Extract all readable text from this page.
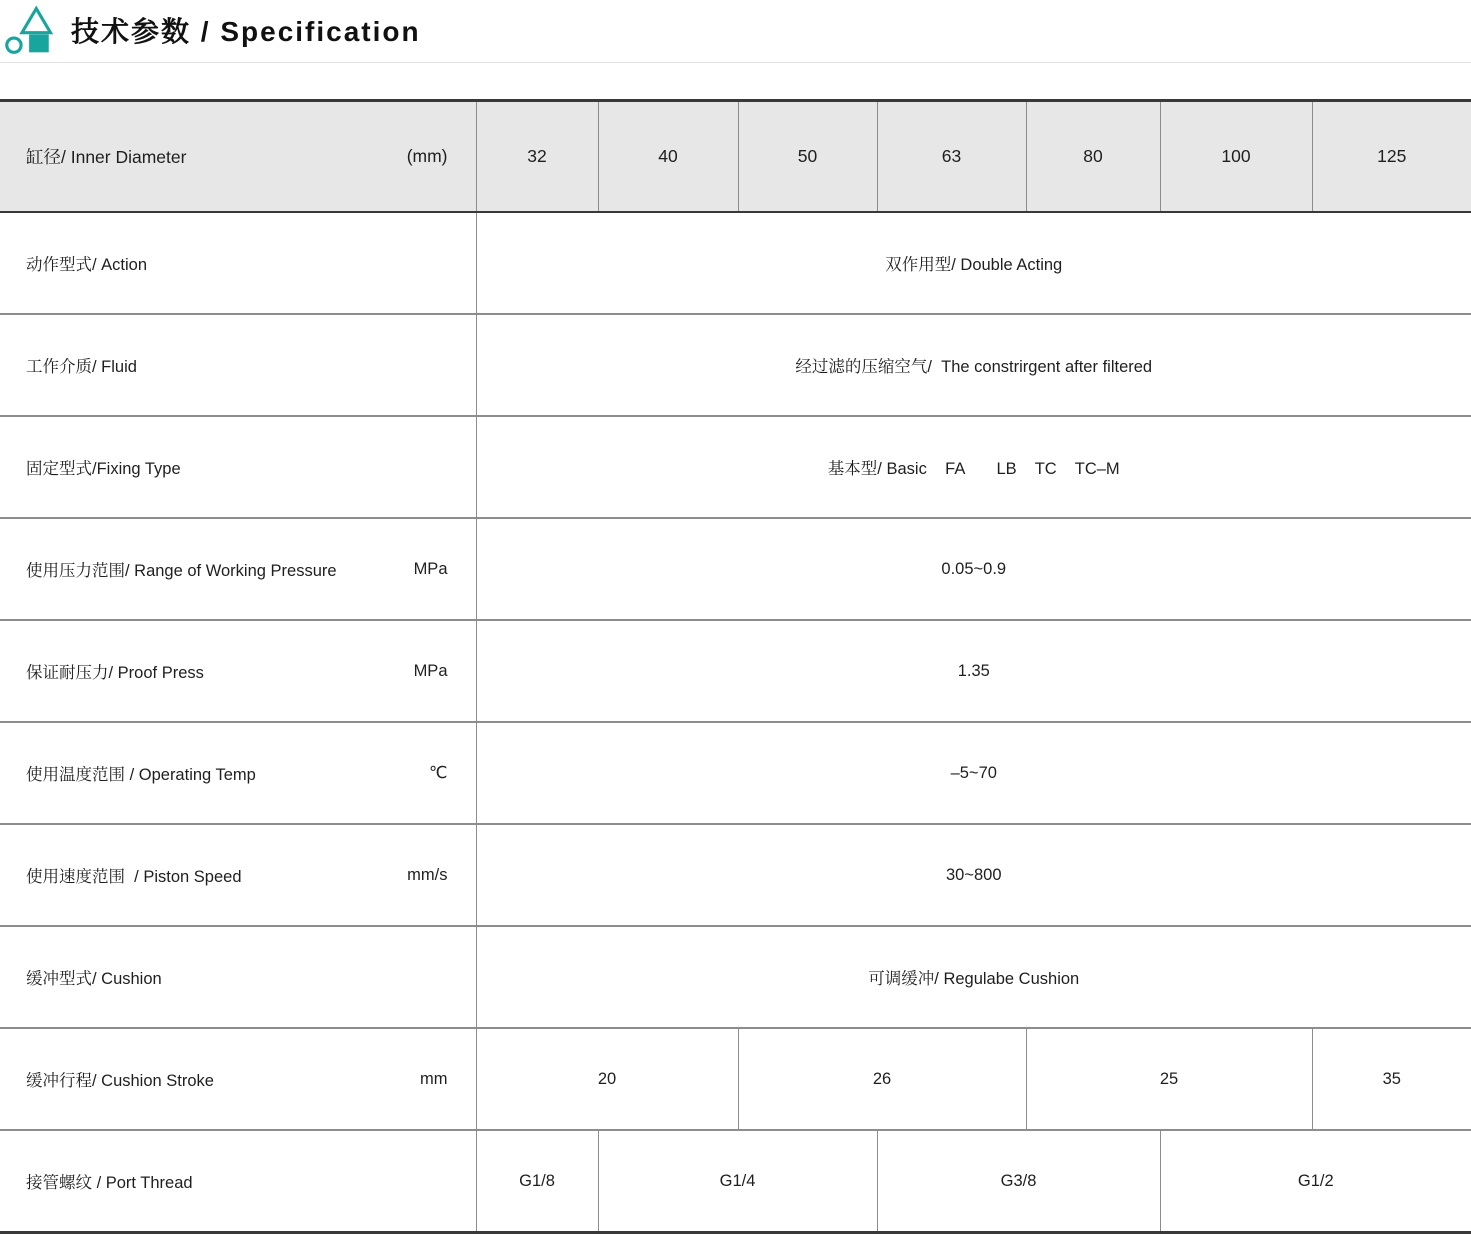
技术参数 / Specification

缸径/ Inner Diameter (mm)	32	40	50	63	80	100	125

动作型式/ Action	双作用型/ Double Acting						

工作介质/ Fluid	经过滤的压缩空气/  The constrirgent after filtered						

固定型式/Fixing Type	基本型/ Basic    FA       LB    TC    TC–M						

使用压力范围/ Range of Working Pressure MPa	0.05~0.9						

保证耐压力/ Proof Press MPa	1.35						

使用温度范围 / Operating Temp ℃	–5~70						

使用速度范围  / Piston Speed mm/s	30~800						

缓冲型式/ Cushion	可调缓冲/ Regulabe Cushion						

缓冲行程/ Cushion Stroke mm	20		26		25		35

接管螺纹 / Port Thread	G1/8	G1/4		G3/8		G1/2	
